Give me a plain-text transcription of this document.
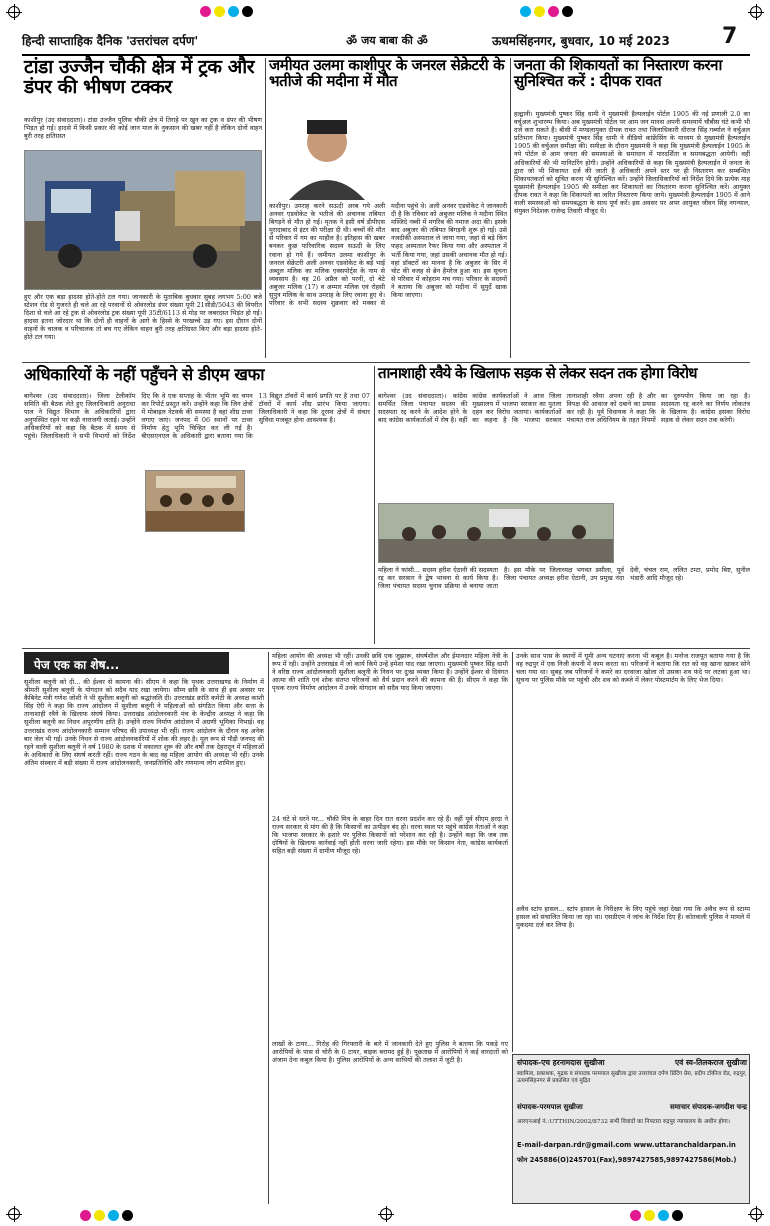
हिन्दी साप्ताहिक दैनिक 'उत्तरांचल दर्पण'	ॐ जय बाबा की ॐ	ऊधमसिंहनगर, बुधवार, 10 मई 2023 7
टांडा उज्जैन चौकी क्षेत्र में ट्रक और डंपर की भीषण टक्कर
काशीपुर (उद संवाददाता)। टांडा उज्जैन पुलिस चौकी क्षेत्र में तिराहे पर खुन का ट्रक व डंपर की भीषण भिड़त हो गई। हादसे में किसी प्रकार की कोई जान माल के नुकसान की खबर नहीं है लेकिन दोनों वाहन बुरी तरह क्षतिग्रस्त
हुए और एक बड़ा हादसा होते-होते टल गया। जानकारी के मुताबिक बुधवार सुबह लगभग 5:00 बजे स्टेशन रोड से गुजरते ही चले आ रहे परवानों से ओवरलोड डंपर संख्या यूपी 21सीडी/5043 की विपरीत दिशा से चले आ रहे ट्रक से ओवरलोड ट्रक संख्या यूपी 35टी/6113 से मोड़ पर जबरदस्त भिड़ंत हो गई। हादसा इतना जोरदार था कि दोनों ही वाहनों के आगे के हिस्से के परखच्चे उड़ गए। इस दौरान दोनों वाहनों के चालक व परिचालक तो बच गए लेकिन वाहन बुरी तरह क्षतिग्रस्त किए और बड़ा हादसा होते-होते टल गया।
जमीयत उलमा काशीपुर के जनरल सेक्रेटरी के भतीजे की मदीना में मौत
काशीपुर। उमराह करने सऊदी अरब गये अली अनवर एडवोकेट के भतीजे की अचानक तबियत बिगड़ने से मौत हो गई। मृतक ने इसी वर्ष डीपीएस मुरादाबाद से इंटर की परीक्षा दी थी। बच्चों की मौत से परिवार में गम का माहौल है। इतिहास की खबर बनकर कुछ पारिवारिक सदस्य सऊदी के लिए रवाना हो गये हैं। जमीयत उलमा काशीपुर के जनरल सेक्रेटरी अली अनवर एडवोकेट के बड़े भाई अब्दुल मलिक का मलिक एक्सपोर्ट्स के नाम से व्यवसाय है। वह 26 अप्रैल को परनी, दो बेटे अबुजर मलिक (17) व अम्मार मलिक एवं रोहसी सुपुत्र मलिक के साथ उमराह के लिए रवाना हुए थे। परिवार के सभी सदस्य शुक्रवार को मक्का से मदीना पहुंचे थे। अली अनवर एडवोकेट ने जानकारी दी है कि रविवार को अबुजर मलिक ने मदीना स्थित मस्जिदे नब्वी में मगरिब की नमाज अदा की। इसके बाद अबुजर की तबियत बिगड़नी शुरू हो गई। उसे नजदीकी अस्पताल ले जाया गया, जहां से बड़े किंग फहद अस्पताल रैफर किया गया और अस्पताल में भर्ती किया गया, जहां उसकी अचानक मौत हो गई। वहां डॉक्टरों का मानना है कि अबुजर के सिर में चोट की वजह से ब्रेन हैमरेज हुआ था। इस सूचना से परिवार में कोहराम मच गया। परिवार के सदस्यों ने बताया कि अबुजर को मदीना में सुपुर्दे खाक किया जाएगा।
जनता की शिकायतों का निस्तारण करना सुनिश्चित करें : दीपक रावत
हल्द्वानी। मुख्यमंत्री पुष्कर सिंह धामी ने मुख्यमंत्री हैल्पलाईन पोर्टल 1905 की नई प्रणाली 2.0 का वर्चुअल शुभारम्भ किया। अब मुख्यमंत्री पोर्टल पर आम जन मानस अपनी समस्यायें चौबीस घंटे कभी भी दर्ज करा सकते हैं। बीसी में मण्डलायुक्त दीपक रावत तथा जिलाधिकारी धीराज सिंह गर्ब्याल ने वर्चुअल प्रतिभाग किया। मुख्यमंत्री पुष्कर सिंह धामी ने वीडियो कांफ्रेंसिंग के माध्यम से मुख्यमंत्री हैल्पलाईन 1905 की वर्चुअल समीक्षा की। समीक्षा के दौरान मुख्यमंत्री ने कहा कि मुख्यमंत्री हैल्पलाईन 1905 के नये पोर्टल से आम जनता की समस्याओं के समाधान में पारदर्शिता व समयबद्धता आयेगी। वहीं अधिकारियों की भी मानिटरिंग होगी। उन्होंने अधिकारियों से कहा कि मुख्यमंत्री हैल्पलाईन में जनता के द्वारा जो भी शिकायत दर्ज की जाती है अधिकारी अपने स्तर पर ही निस्तारण कर सम्बन्धित शिकायतकर्ता को सूचित करना भी सुनिश्चित करें। उन्होंने जिलाधिकारियों को निर्देश दिये कि प्रत्येक माह मुख्यमंत्री हैल्पलाईन 1905 की समीक्षा कर शिकायतों का निस्तारण करना सुनिश्चित करें। आयुक्त दीपक रावत ने कहा कि शिकायतों का त्वरित निस्तारण किया जाये। मुख्यमंत्री हैल्पलाईन 1905 में आने वाली समस्याओं को समयबद्धता के साथ पूर्ण करें। इस अवसर पर अपर आयुक्त जीवन सिंह नगन्याल, संयुक्त निदेशक राजेन्द्र तिवारी मौजूद थे।
अधिकारियों के नहीं पहुँचने से डीएम खफा
बागेश्वर (उद संवाददाता)। जिला टेलीकॉम समिति की बैठक लेते हुए जिलाधिकारी अनुराधा पाल ने विद्युत विभाग के अधिकारियों द्वारा अनुपस्थित रहने पर कड़ी नाराजगी जताई। उन्होंने अधिकारियों को कहा कि बैठक में समय से पहुंचे। जिलाधिकारी ने सभी विभागों को निर्देश दिए कि वे एक सप्ताह के भीतर भूमि का चयन कर रिपोर्ट प्रस्तुत करें। उन्होंने कहा कि जिन क्षेत्रों में मोबाइल नेटवर्क की समस्या है वहां शीघ्र टावर लगाए जाएं। जनपद में 06 स्थानों पर टावर निर्माण हेतु भूमि चिन्हित कर ली गई है। बीएसएनएल के अधिकारी द्वारा बताया गया कि 13 विद्युत टॉवरों में कार्य प्रगति पर है तथा 07 टॉवरों में कार्य शीघ्र प्रारंभ किया जाएगा। जिलाधिकारी ने कहा कि दूरस्थ क्षेत्रों में संचार सुविधा मजबूत होना आवश्यक है।
तानाशाही रवैये के खिलाफ सड़क से लेकर सदन तक होगा विरोध
बागेश्वर (उद संवाददाता)। कांग्रेस समर्थित जिला पंचायत सदस्य की सदस्यता रद्द करने के आदेश होने के बाद कांग्रेस कार्यकर्ताओं में रोष है। वहीं कांग्रेस कार्यकर्ताओं ने आज जिला मुख्यालय में भाजपा सरकार का पुतला दहन कर विरोध जताया। कार्यकर्ताओं का कहना है कि भाजपा सरकार तानाशाही रवैया अपना रही है और विपक्ष की आवाज को दबाने का प्रयास कर रही है। पूर्व विधायक ने कहा कि पंचायत राज अधिनियम के तहत नियमों का दुरुपयोग किया जा रहा है। सदस्यता रद्द करने का निर्णय लोकतंत्र के खिलाफ है। कांग्रेस इसका विरोध सड़क से लेकर सदन तक करेगी।
महिला ने फांसी... सदस्य हरीश ऐठानी की सदस्यता रद्द कर सरकार ने द्वेष भावना से कार्य किया है। जिला पंचायत सदस्य चुनाव प्रक्रिया से बनाया जाता है। इस मौके पर जिलाध्यक्ष भगवत डसीला, पूर्व जिला पंचायत अध्यक्ष हरीश ऐठानी, उप प्रमुख नंदा देवी, चंचल राम, ललित टम्टा, प्रमोद बिष्ट, सुनील भंडारी आदि मौजूद रहे।
पेज एक का शेष...
सुशीला बलूनी को दी... की ईश्वर से कामना की। सीएम ने कहा कि पृथक उत्तराखण्ड के निर्माण में श्रीमती सुशीला बलूनी के योगदान को सदैव याद रखा जायेगा। सौम्य छवि के साथ ही इस अवसर पर कैबिनेट मंत्री गणेश जोशी ने भी सुशीला बलूनी को श्रद्धांजलि दी। उत्तराखंड क्रांति कमेटी के अध्यक्ष काशी सिंह ऐरी ने कहा कि राज्य आंदोलन में सुशीला बलूनी ने महिलाओं को संगठित किया और सत्ता के तानाशाही रवैये के खिलाफ संघर्ष किया। उत्तराखंड आंदोलनकारी मंच के केन्द्रीय अध्यक्ष ने कहा कि सुशीला बलूनी का निधन अपूरणीय क्षति है। उन्होंने राज्य निर्माण आंदोलन में अग्रणी भूमिका निभाई। वह उत्तराखंड राज्य आंदोलनकारी सम्मान परिषद की उपाध्यक्ष भी रहीं। राज्य आंदोलन के दौरान वह अनेक बार जेल भी गईं। उनके निधन से राज्य आंदोलनकारियों में शोक की लहर है। मूल रूप से पौड़ी जनपद की रहने वाली सुशीला बलूनी ने वर्ष 1980 के दशक में वकालत शुरू की और वर्षों तक देहरादून में महिलाओं के अधिकारों के लिए संघर्ष करती रहीं। राज्य गठन के बाद वह महिला आयोग की अध्यक्ष भी रहीं। उनके अंतिम संस्कार में बड़ी संख्या में राज्य आंदोलनकारी, जनप्रतिनिधि और गणमान्य लोग शामिल हुए।
महिला आयोग की अध्यक्ष भी रहीं। उनकी छवि एक जुझारू, संघर्षशील और ईमानदार महिला नेत्री के रूप में रही। उन्होंने उत्तराखंड में जो कार्य किये उन्हें हमेशा याद रखा जाएगा। मुख्यमंत्री पुष्कर सिंह धामी ने वरिष्ठ राज्य आंदोलनकारी सुशीला बलूनी के निधन पर दुःख व्यक्त किया है। उन्होंने ईश्वर से दिवंगत आत्मा की शांति एवं शोक संतप्त परिजनों को धैर्य प्रदान करने की कामना की है। सीएम ने कहा कि पृथक राज्य निर्माण आंदोलन में उनके योगदान को सदैव याद किया जाएगा।
24 घंटे से धरने पर... चौकी मित्र के बाहर दिन रात धरना प्रदर्शन कर रहे हैं। वहीं पूर्व सीएम हरदा ने राज्य सरकार से मांग की है कि किसानों का उत्पीड़न बंद हो। धरना स्थल पर पहुंचे कांग्रेस नेताओं ने कहा कि भाजपा सरकार के इशारे पर पुलिस किसानों को परेशान कर रही है। उन्होंने कहा कि जब तक दोषियों के खिलाफ कार्रवाई नहीं होती धरना जारी रहेगा। इस मौके पर किसान नेता, कांग्रेस कार्यकर्ता सहित बड़ी संख्या में ग्रामीण मौजूद रहे।
लाखों के टायर... गिरोह की गिरफ्तारी के बारे में जानकारी देते हुए पुलिस ने बताया कि पकड़े गए आरोपियों के पास से चोरी के 6 टायर, बाइक बरामद हुई है। पूछताछ में आरोपियों ने कई वारदातों को अंजाम देना कबूल किया है। पुलिस आरोपियों के अन्य साथियों की तलाश में जुटी है।
उनके साथ पास के स्थानों में घूमी अन्य घटनाएं करना भी कबूल है। मनोज राजपूत बताया गया है कि वह रुद्रपुर में एक निजी कंपनी में काम करता था। परिजनों ने बताया कि रात को वह खाना खाकर सोने चला गया था। सुबह जब परिजनों ने कमरे का दरवाजा खोला तो उसका शव फंदे पर लटका हुआ था। सूचना पर पुलिस मौके पर पहुंची और शव को कब्जे में लेकर पोस्टमार्टम के लिए भेज दिया।
अवैध स्टांप हासल... स्टांप हासल के निरीक्षण के लिए पहुंचे जहां देखा गया कि अवैध रूप से स्टाम्प हासल को संचालित किया जा रहा था। एसडीएम ने जांच के निर्देश दिए हैं। कोतवाली पुलिस ने मामले में मुकदमा दर्ज कर लिया है।
संपादक-एच हरनामदास सुखीजा	एवं स्व-तिलकराज सुखीजा
स्वामित्व, प्रकाशक, मुद्रक व संपादक परमपाल सुखीजा द्वारा उत्तरांचल दर्पण प्रिंटिंग प्रेस, प्रदीप टॉकीज रोड, रुद्रपुर, ऊधमसिंहनगर से प्रकाशित एवं मुद्रित
संपादक-परमपाल सुखीजा	समाचार संपादक-जगदीश चन्द्र
आरएनआई नं.:UTTHIN/2002/8732 सभी विवादों का निपटारा रुद्रपुर न्यायालय के अधीन होगा।
E-mail-darpan.rdr@gmail.com www.uttaranchaldarpan.in
फोन 245886(O)245701(Fax),9897427585,9897427586(Mob.)
